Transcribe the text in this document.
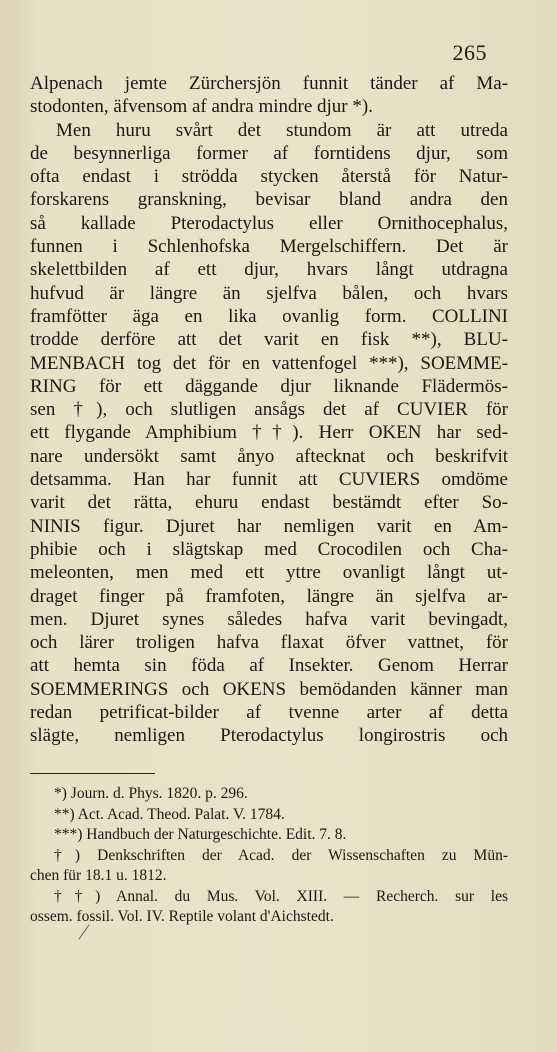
265
Alpenach jemte Zürchersjön funnit tänder af Ma-
stodonten, äfvensom af andra mindre djur *).
Men huru svårt det stundom är att utreda
de besynnerliga former af forntidens djur, som
ofta endast i strödda stycken återstå för Natur-
forskarens granskning, bevisar bland andra den
så kallade Pterodactylus eller Ornithocephalus,
funnen i Schlenhofska Mergelschiffern. Det är
skelettbilden af ett djur, hvars långt utdragna
hufvud är längre än sjelfva bålen, och hvars
framfötter äga en lika ovanlig form. COLLINI
trodde derföre att det varit en fisk **), BLU-
MENBACH tog det för en vattenfogel ***), SOEMME-
RING för ett däggande djur liknande Flädermös-
sen †), och slutligen ansågs det af CUVIER för
ett flygande Amphibium ††). Herr OKEN har sed-
nare undersökt samt ånyo aftecknat och beskrifvit
detsamma. Han har funnit att CUVIERS omdöme
varit det rätta, ehuru endast bestämdt efter So-
NINIS figur. Djuret har nemligen varit en Am-
phibie och i slägtskap med Crocodilen och Cha-
meleonten, men med ett yttre ovanligt långt ut-
draget finger på framfoten, längre än sjelfva ar-
men. Djuret synes således hafva varit bevingadt,
och lärer troligen hafva flaxat öfver vattnet, för
att hemta sin föda af Insekter. Genom Herrar
SOEMMERINGS och OKENS bemödanden känner man
redan petrificat-bilder af tvenne arter af detta
slägte, nemligen Pterodactylus longirostris och
*) Journ. d. Phys. 1820. p. 296.
**) Act. Acad. Theod. Palat. V. 1784.
***) Handbuch der Naturgeschichte. Edit. 7. 8.
†) Denkschriften der Acad. der Wissenschaften zu Mün-
chen für 18.1 u. 1812.
††) Annal. du Mus. Vol. XIII. — Recherch. sur les
ossem. fossil. Vol. IV. Reptile volant d'Aichstedt.
